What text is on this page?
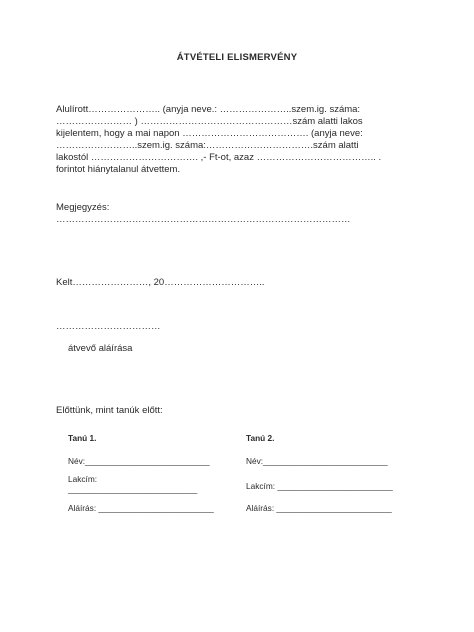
ÁTVÉTELI ELISMERVÉNY
Alulírott………………….. (anyja neve.: …………………..szem.ig. száma:
…………………… ) …………………………………………szám alatti lakos
kijelentem, hogy a mai napon …………………………………. (anyja neve:
……………………..szem.ig. száma:…………………………….szám alatti
lakostól ……………………………. ,- Ft-ot, azaz ……………………………….. .
forintot hiánytalanul átvettem.
Megjegyzés:
…………………………………………………………………………………
Kelt……………………, 20…………………………..
……………………………
átvevő aláírása
Előttünk, mint tanúk előtt:
Tanú 1.
Név:___________________________
Lakcím:
____________________________
Aláírás: _________________________
Tanú 2.
Név:___________________________
Lakcím: _________________________
Aláírás: _________________________
